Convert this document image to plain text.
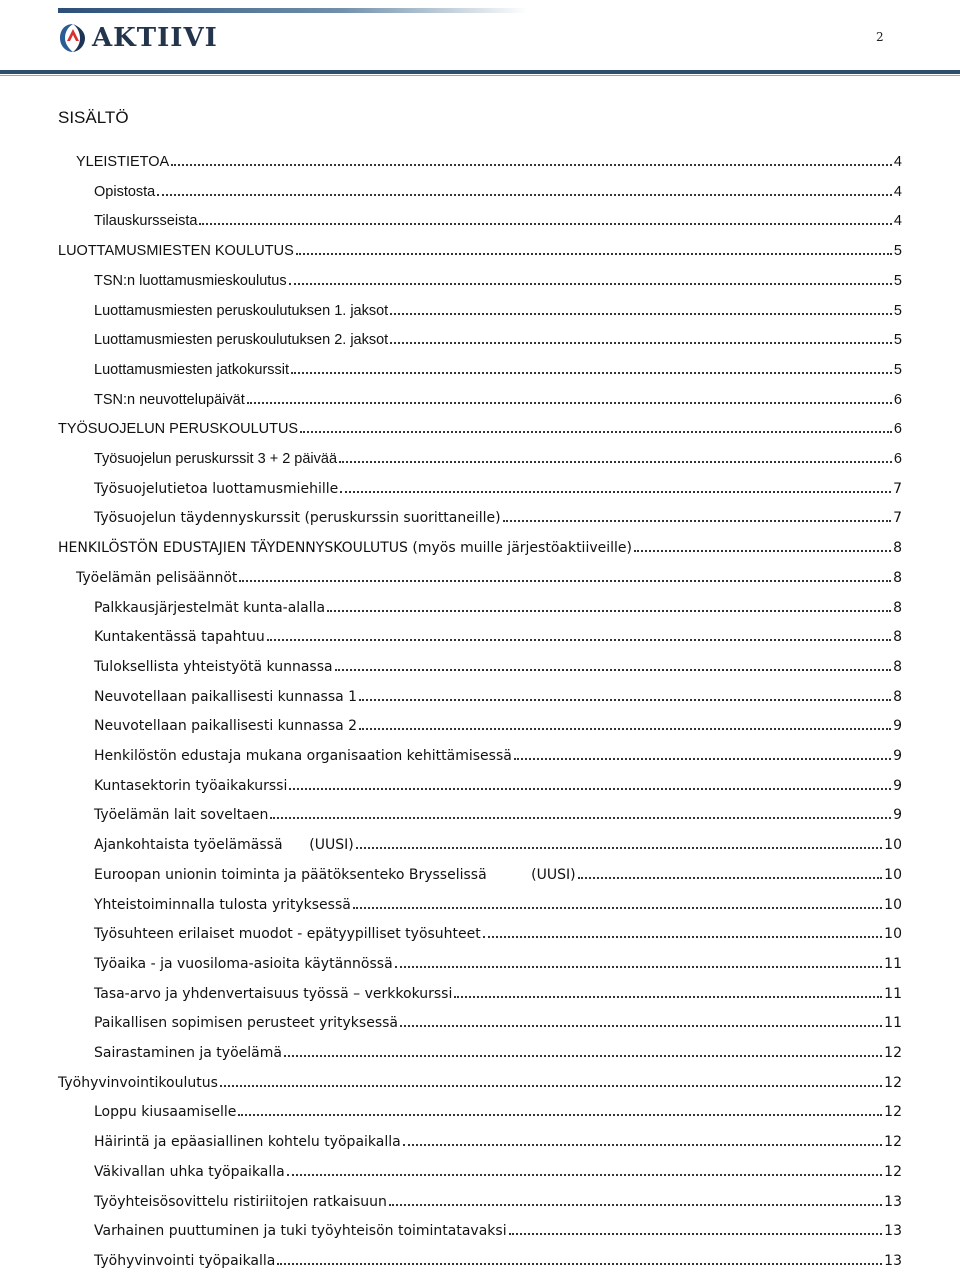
AKTIIVI	2
SISÄLTÖ
YLEISTIETOA	4
Opistosta	4
Tilauskursseista	4
LUOTTAMUSMIESTEN KOULUTUS	5
TSN:n luottamusmieskoulutus	5
Luottamusmiesten peruskoulutuksen 1. jaksot	5
Luottamusmiesten peruskoulutuksen 2. jaksot	5
Luottamusmiesten jatkokurssit	5
TSN:n neuvottelupäivät	6
TYÖSUOJELUN PERUSKOULUTUS	6
Työsuojelun peruskurssit 3 + 2 päivää	6
Työsuojelutietoa luottamusmiehille	7
Työsuojelun täydennyskurssit (peruskurssin suorittaneille)	7
HENKILÖSTÖN EDUSTAJIEN TÄYDENNYSKOULUTUS (myös muille järjestöaktiiveille)	8
Työelämän pelisäännöt	8
Palkkausjärjestelmät kunta-alalla	8
Kuntakentässä tapahtuu	8
Tuloksellista yhteistyötä kunnassa	8
Neuvotellaan paikallisesti kunnassa 1	8
Neuvotellaan paikallisesti kunnassa 2	9
Henkilöstön edustaja mukana organisaation kehittämisessä	9
Kuntasektorin työaikakurssi	9
Työelämän lait soveltaen	9
Ajankohtaista työelämässä      (UUSI)	10
Euroopan unionin toiminta ja päätöksenteko Brysselissä          (UUSI)	10
Yhteistoiminnalla tulosta yrityksessä	10
Työsuhteen erilaiset muodot - epätyypilliset työsuhteet	10
Työaika - ja vuosiloma-asioita käytännössä	11
Tasa-arvo ja yhdenvertaisuus työssä – verkkokurssi	11
Paikallisen sopimisen perusteet yrityksessä	11
Sairastaminen ja työelämä	12
Työhyvinvointikoulutus	12
Loppu kiusaamiselle	12
Häirintä ja epäasiallinen kohtelu työpaikalla	12
Väkivallan uhka työpaikalla	12
Työyhteisösovittelu ristiriitojen ratkaisuun	13
Varhainen puuttuminen ja tuki työyhteisön toimintatavaksi	13
Työhyvinvointi työpaikalla	13
